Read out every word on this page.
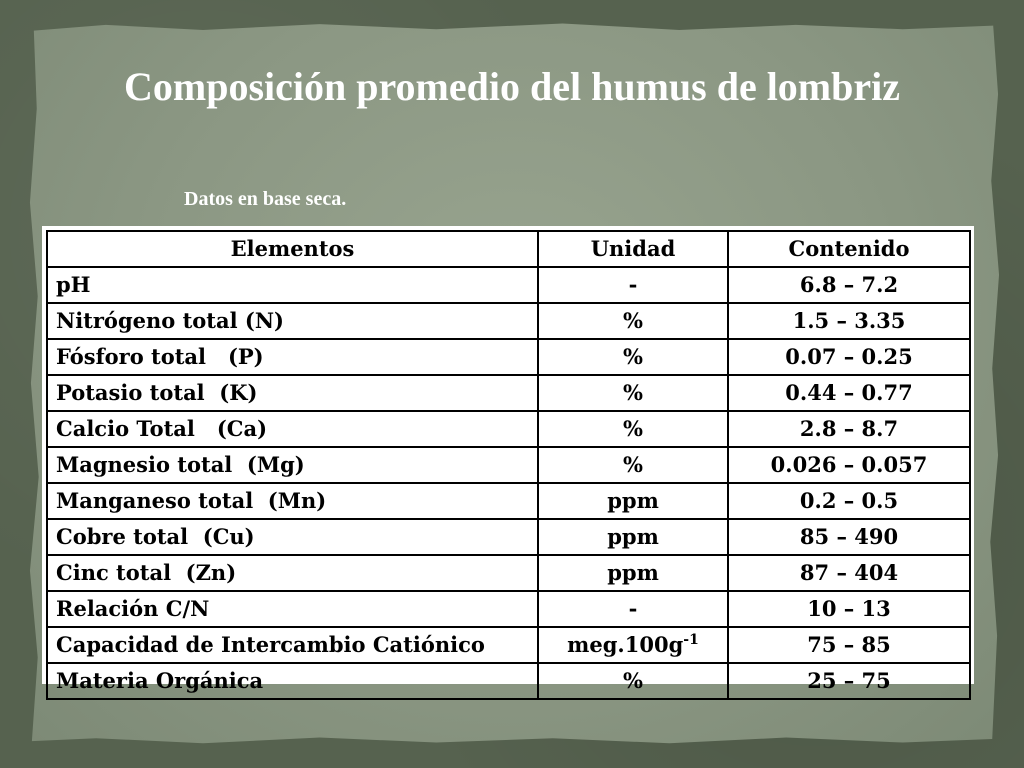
Composición promedio del humus de lombriz

Datos en base seca.

Elementos	Unidad	Contenido
pH	-	6.8 – 7.2
Nitrógeno total (N)	%	1.5 – 3.35
Fósforo total   (P)	%	0.07 – 0.25
Potasio total  (K)	%	0.44 – 0.77
Calcio Total   (Ca)	%	2.8 – 8.7
Magnesio total  (Mg)	%	0.026 – 0.057
Manganeso total  (Mn)	ppm	0.2 – 0.5
Cobre total  (Cu)	ppm	85 – 490
Cinc total  (Zn)	ppm	87 – 404
Relación C/N	-	10 – 13
Capacidad de Intercambio Catiónico	$meg.100g^{-1}$	75 – 85
Materia Orgánica	%	25 – 75
